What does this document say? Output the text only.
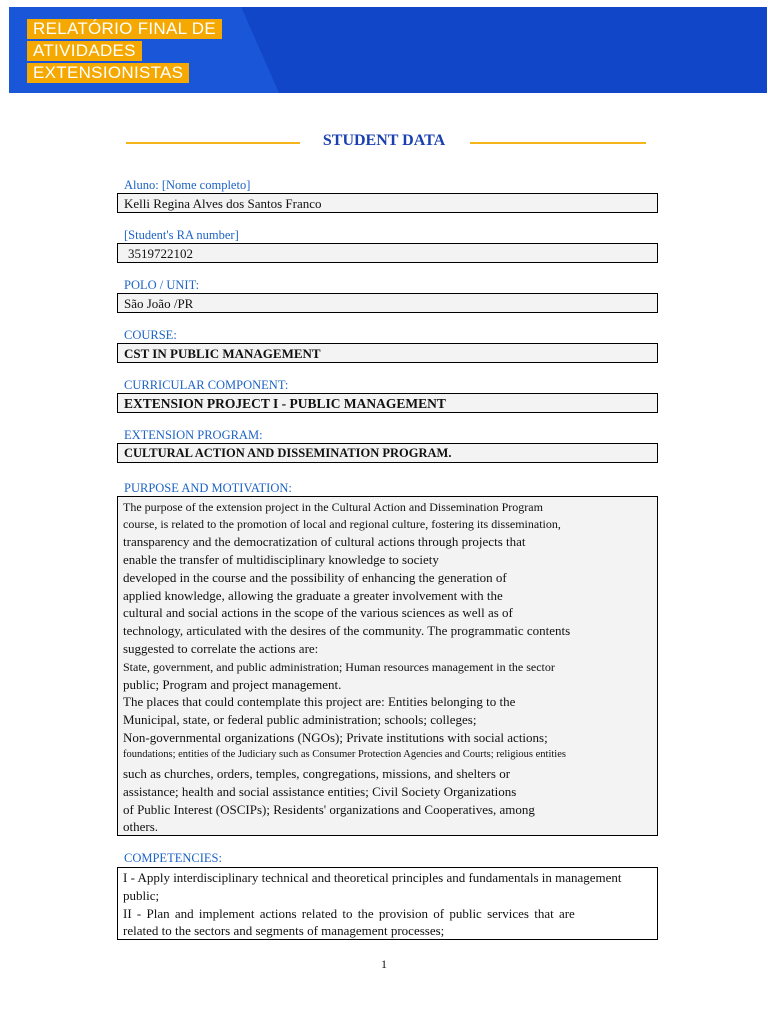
RELATÓRIO FINAL DE
ATIVIDADES
EXTENSIONISTAS
STUDENT DATA
Aluno: [Nome completo]
Kelli Regina Alves dos Santos Franco
[Student's RA number]
3519722102
POLO / UNIT:
São João /PR
COURSE:
CST IN PUBLIC MANAGEMENT
CURRICULAR COMPONENT:
EXTENSION PROJECT I - PUBLIC MANAGEMENT
EXTENSION PROGRAM:
CULTURAL ACTION AND DISSEMINATION PROGRAM.
PURPOSE AND MOTIVATION:
The purpose of the extension project in the Cultural Action and Dissemination Program
course, is related to the promotion of local and regional culture, fostering its dissemination,
transparency and the democratization of cultural actions through projects that
enable the transfer of multidisciplinary knowledge to society
developed in the course and the possibility of enhancing the generation of
applied knowledge, allowing the graduate a greater involvement with the
cultural and social actions in the scope of the various sciences as well as of
technology, articulated with the desires of the community. The programmatic contents
suggested to correlate the actions are:
State, government, and public administration; Human resources management in the sector
public; Program and project management.
The places that could contemplate this project are: Entities belonging to the
Municipal, state, or federal public administration; schools; colleges;
Non-governmental organizations (NGOs); Private institutions with social actions;
foundations; entities of the Judiciary such as Consumer Protection Agencies and Courts; religious entities
such as churches, orders, temples, congregations, missions, and shelters or
assistance; health and social assistance entities; Civil Society Organizations
of Public Interest (OSCIPs); Residents' organizations and Cooperatives, among
others.
COMPETENCIES:
I - Apply interdisciplinary technical and theoretical principles and fundamentals in management
public;
II - Plan and implement actions related to the provision of public services that are
related to the sectors and segments of management processes;
1
